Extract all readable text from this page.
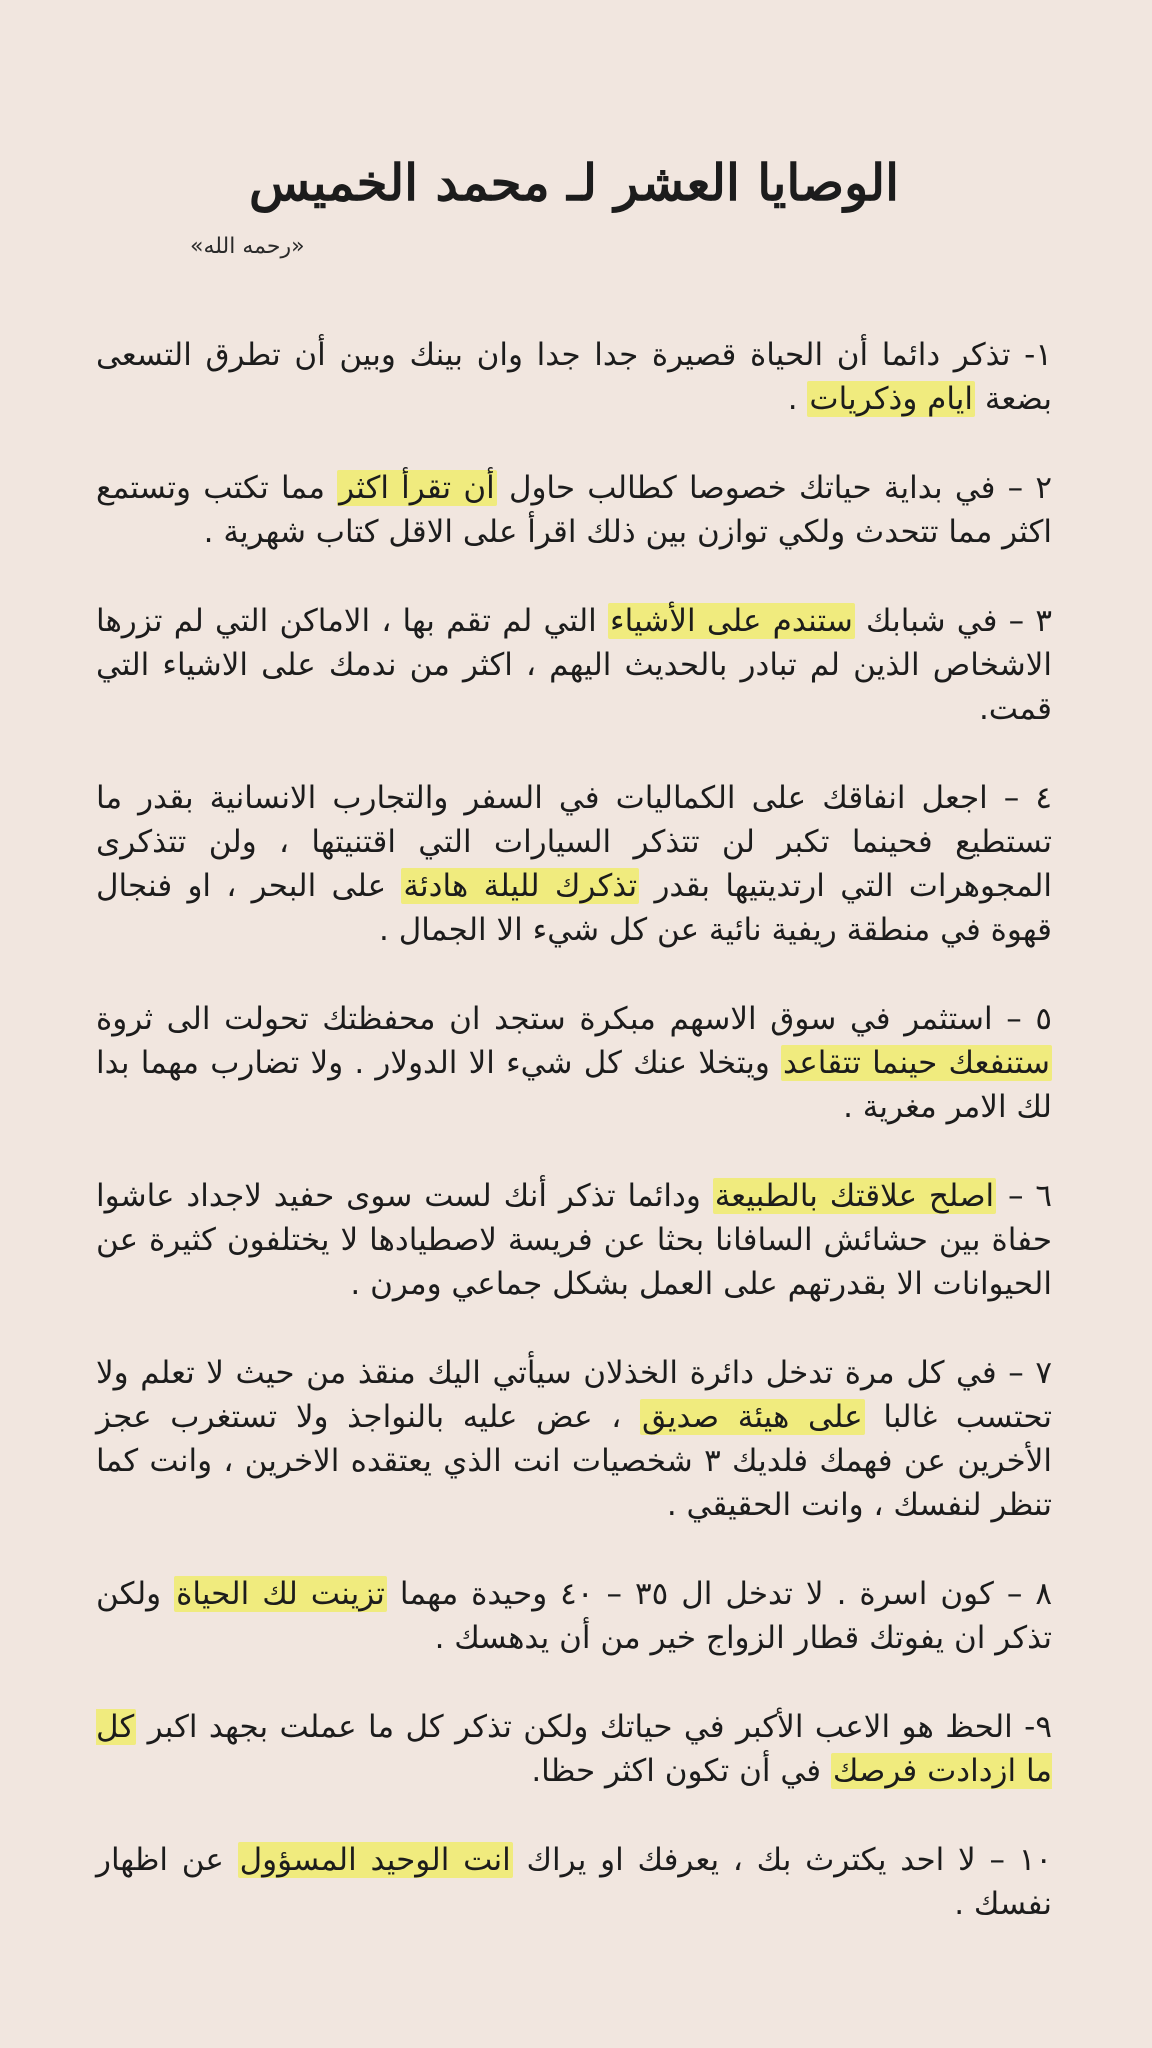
الوصايا العشر لـ محمد الخميس
«رحمه الله»

١- تذكر دائما أن الحياة قصيرة جدا جدا وان بينك وبين أن تطرق التسعى بضعة ايام وذكريات .

٢ – في بداية حياتك خصوصا كطالب حاول أن تقرأ اكثر مما تكتب وتستمع اكثر مما تتحدث ولكي توازن بين ذلك اقرأ على الاقل كتاب شهرية .

٣ – في شبابك ستندم على الأشياء التي لم تقم بها ، الاماكن التي لم تزرها الاشخاص الذين لم تبادر بالحديث اليهم ، اكثر من ندمك على الاشياء التي قمت.

٤ – اجعل انفاقك على الكماليات في السفر والتجارب الانسانية بقدر ما تستطيع فحينما تكبر لن تتذكر السيارات التي اقتنيتها ، ولن تتذكرى المجوهرات التي ارتديتيها بقدر تذكرك لليلة هادئة على البحر ، او فنجال قهوة في منطقة ريفية نائية عن كل شيء الا الجمال .

٥ – استثمر في سوق الاسهم مبكرة ستجد ان محفظتك تحولت الى ثروة ستنفعك حينما تتقاعد ويتخلا عنك كل شيء الا الدولار . ولا تضارب مهما بدا لك الامر مغرية .

٦ – اصلح علاقتك بالطبيعة ودائما تذكر أنك لست سوى حفيد لاجداد عاشوا حفاة بين حشائش السافانا بحثا عن فريسة لاصطيادها لا يختلفون كثيرة عن الحيوانات الا بقدرتهم على العمل بشكل جماعي ومرن .

٧ – في كل مرة تدخل دائرة الخذلان سيأتي اليك منقذ من حيث لا تعلم ولا تحتسب غالبا على هيئة صديق ، عض عليه بالنواجذ ولا تستغرب عجز الأخرين عن فهمك فلديك ٣ شخصيات انت الذي يعتقده الاخرين ، وانت كما تنظر لنفسك ، وانت الحقيقي .

٨ – كون اسرة . لا تدخل ال ٣٥ – ٤٠ وحيدة مهما تزينت لك الحياة ولكن تذكر ان يفوتك قطار الزواج خير من أن يدهسك .

٩- الحظ هو الاعب الأكبر في حياتك ولكن تذكر كل ما عملت بجهد اكبر كل ما ازدادت فرصك في أن تكون اكثر حظا.

١٠ – لا احد يكترث بك ، يعرفك او يراك انت الوحيد المسؤول عن اظهار نفسك .
